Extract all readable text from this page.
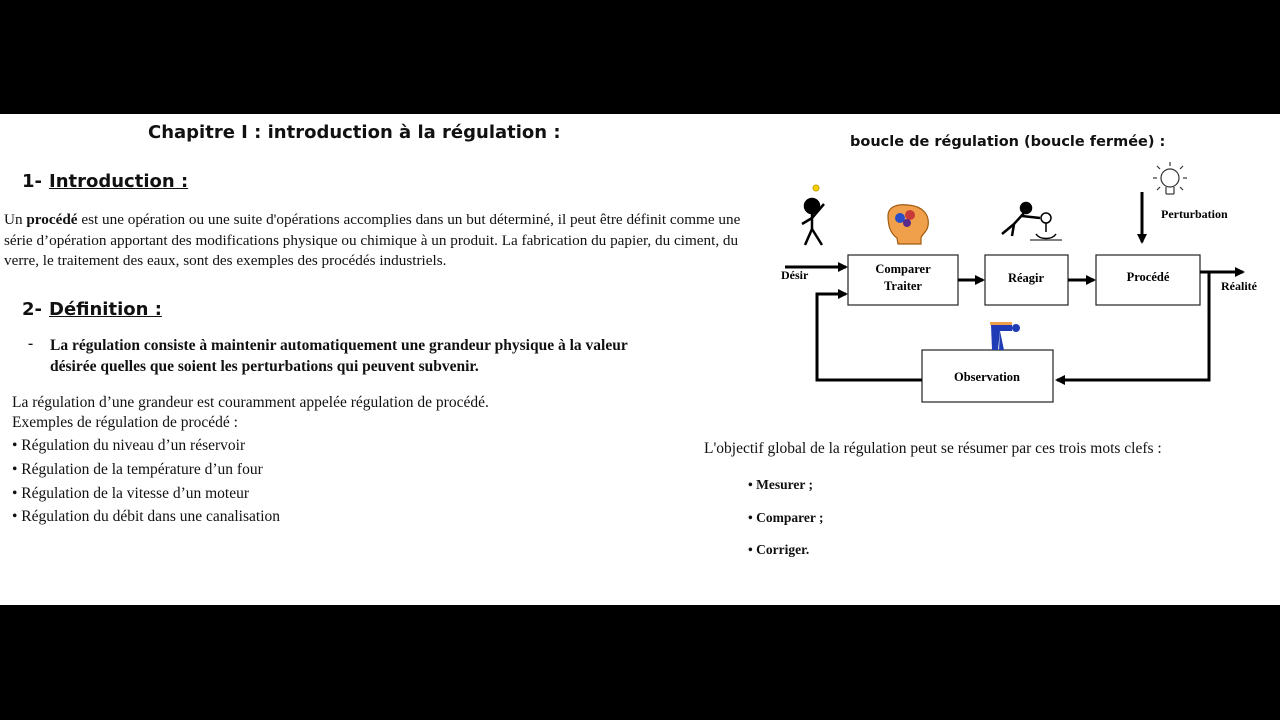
Chapitre I : introduction à la régulation :
1- Introduction :
Un procédé est une opération ou une suite d'opérations accomplies dans un but déterminé, il peut être définit comme une série d’opération apportant des modifications physique ou chimique à un produit. La fabrication du papier, du ciment, du verre, le traitement des eaux, sont des exemples des procédés industriels.
2- Définition :
- La régulation consiste à maintenir automatiquement une grandeur physique à la valeur
désirée quelles que soient les perturbations qui peuvent subvenir.
La régulation d’une grandeur est couramment appelée régulation de procédé.
Exemples de régulation de procédé :
• Régulation du niveau d’un réservoir
• Régulation de la température d’un four
• Régulation de la vitesse d’un moteur
• Régulation du débit dans une canalisation
boucle de régulation (boucle fermée) :
Comparer
Traiter
Réagir	Procédé
Observation
Désir
Réalité
Perturbation
L'objectif global de la régulation peut se résumer par ces trois mots clefs :
• Mesurer ;
• Comparer ;
• Corriger.
